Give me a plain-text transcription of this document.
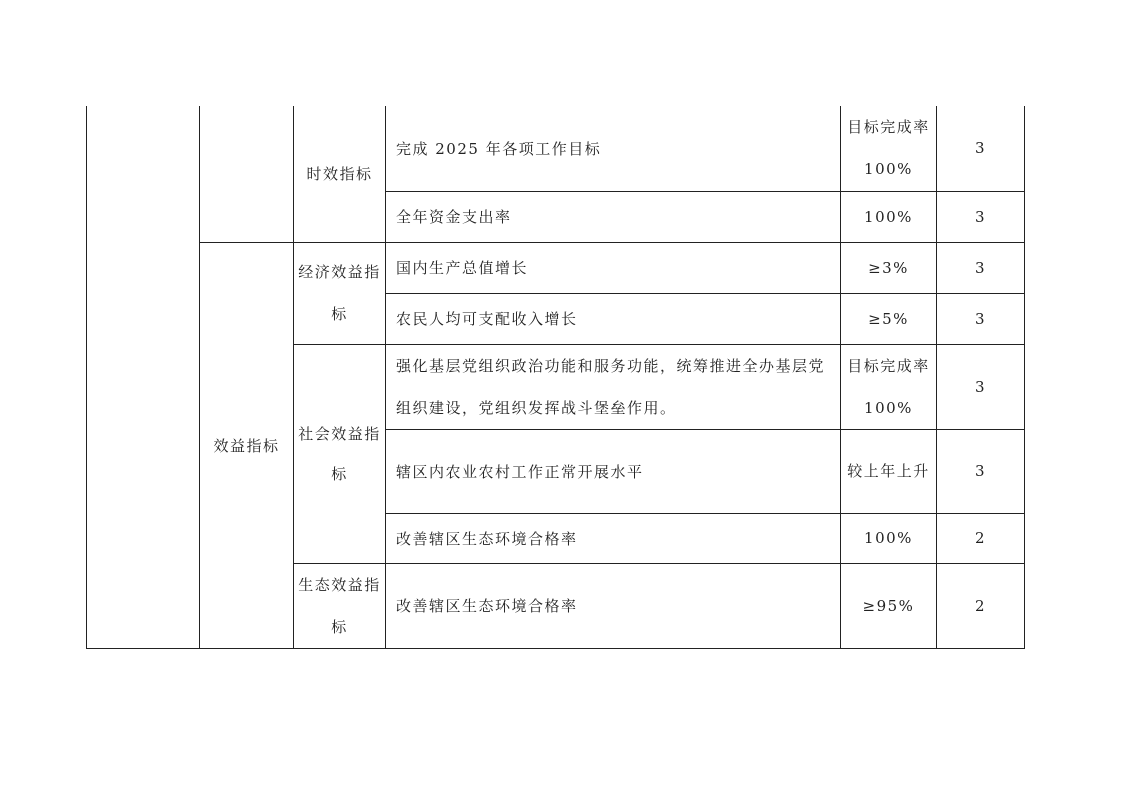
		时效指标	完成 2025 年各项工作目标	目标完成率 100%	3
			全年资金支出率	100%	3
	效益指标	经济效益指标	国内生产总值增长	≥3%	3
			农民人均可支配收入增长	≥5%	3
		社会效益指标	强化基层党组织政治功能和服务功能，统筹推进全办基层党组织建设，党组织发挥战斗堡垒作用。	目标完成率 100%	3
			辖区内农业农村工作正常开展水平	较上年上升	3
			改善辖区生态环境合格率	100%	2
		生态效益指标	改善辖区生态环境合格率	≥95%	2
